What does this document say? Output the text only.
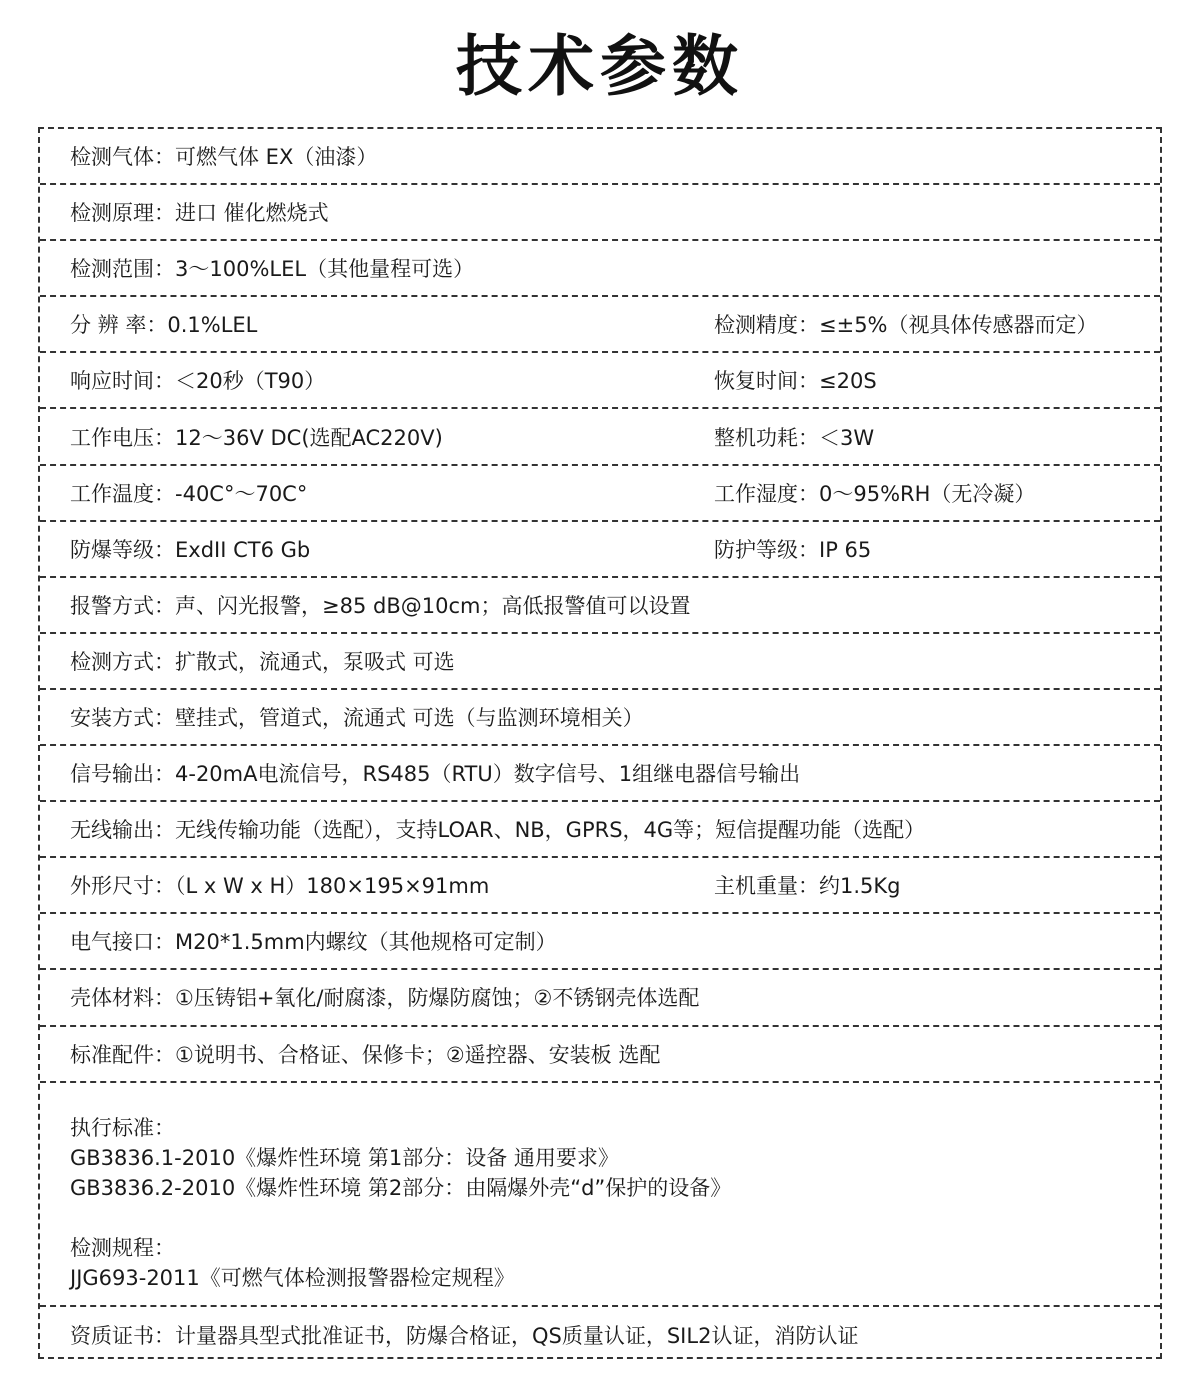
技术参数
检测气体：可燃气体 EX（油漆）
检测原理：进口 催化燃烧式
检测范围：3～100%LEL（其他量程可选）
分 辨 率：0.1%LEL	检测精度：≤±5%（视具体传感器而定）
响应时间：＜20秒（T90）	恢复时间：≤20S
工作电压：12～36V DC(选配AC220V)	整机功耗：＜3W
工作温度：-40C°～70C°	工作湿度：0～95%RH（无冷凝）
防爆等级：ExdII CT6 Gb	防护等级：IP 65
报警方式：声、闪光报警，≥85 dB@10cm；高低报警值可以设置
检测方式：扩散式，流通式，泵吸式 可选
安装方式：壁挂式，管道式，流通式 可选（与监测环境相关）
信号输出：4-20mA电流信号，RS485（RTU）数字信号、1组继电器信号输出
无线输出：无线传输功能（选配），支持LOAR、NB，GPRS，4G等；短信提醒功能（选配）
外形尺寸：（L x W x H）180×195×91mm	主机重量：约1.5Kg
电气接口：M20*1.5mm内螺纹（其他规格可定制）
壳体材料：①压铸铝+氧化/耐腐漆，防爆防腐蚀；②不锈钢壳体选配
标准配件：①说明书、合格证、保修卡；②遥控器、安装板 选配
执行标准：
GB3836.1-2010《爆炸性环境 第1部分：设备 通用要求》
GB3836.2-2010《爆炸性环境 第2部分：由隔爆外壳“d”保护的设备》
检测规程：
JJG693-2011《可燃气体检测报警器检定规程》
资质证书：计量器具型式批准证书，防爆合格证，QS质量认证，SIL2认证，消防认证
